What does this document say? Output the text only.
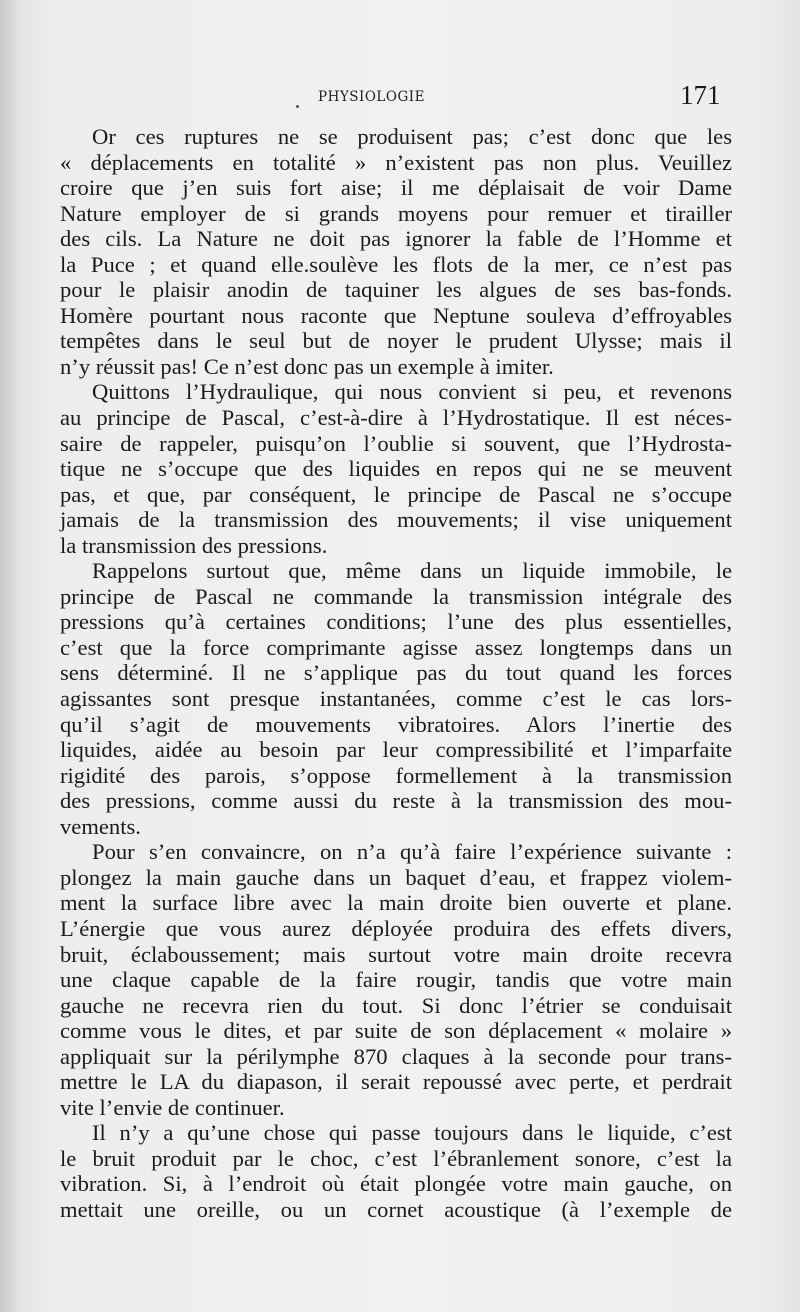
PHYSIOLOGIE	171
Or ces ruptures ne se produisent pas; c’est donc que les
« déplacements en totalité » n’existent pas non plus. Veuillez
croire que j’en suis fort aise; il me déplaisait de voir Dame
Nature employer de si grands moyens pour remuer et tirailler
des cils. La Nature ne doit pas ignorer la fable de l’Homme et
la Puce ; et quand elle.soulève les flots de la mer, ce n’est pas
pour le plaisir anodin de taquiner les algues de ses bas-fonds.
Homère pourtant nous raconte que Neptune souleva d’effroyables
tempêtes dans le seul but de noyer le prudent Ulysse; mais il
n’y réussit pas! Ce n’est donc pas un exemple à imiter.
Quittons l’Hydraulique, qui nous convient si peu, et revenons
au principe de Pascal, c’est-à-dire à l’Hydrostatique. Il est néces-
saire de rappeler, puisqu’on l’oublie si souvent, que l’Hydrosta-
tique ne s’occupe que des liquides en repos qui ne se meuvent
pas, et que, par conséquent, le principe de Pascal ne s’occupe
jamais de la transmission des mouvements; il vise uniquement
la transmission des pressions.
Rappelons surtout que, même dans un liquide immobile, le
principe de Pascal ne commande la transmission intégrale des
pressions qu’à certaines conditions; l’une des plus essentielles,
c’est que la force comprimante agisse assez longtemps dans un
sens déterminé. Il ne s’applique pas du tout quand les forces
agissantes sont presque instantanées, comme c’est le cas lors-
qu’il s’agit de mouvements vibratoires. Alors l’inertie des
liquides, aidée au besoin par leur compressibilité et l’imparfaite
rigidité des parois, s’oppose formellement à la transmission
des pressions, comme aussi du reste à la transmission des mou-
vements.
Pour s’en convaincre, on n’a qu’à faire l’expérience suivante :
plongez la main gauche dans un baquet d’eau, et frappez violem-
ment la surface libre avec la main droite bien ouverte et plane.
L’énergie que vous aurez déployée produira des effets divers,
bruit, éclaboussement; mais surtout votre main droite recevra
une claque capable de la faire rougir, tandis que votre main
gauche ne recevra rien du tout. Si donc l’étrier se conduisait
comme vous le dites, et par suite de son déplacement « molaire »
appliquait sur la périlymphe 870 claques à la seconde pour trans-
mettre le LA du diapason, il serait repoussé avec perte, et perdrait
vite l’envie de continuer.
Il n’y a qu’une chose qui passe toujours dans le liquide, c’est
le bruit produit par le choc, c’est l’ébranlement sonore, c’est la
vibration. Si, à l’endroit où était plongée votre main gauche, on
mettait une oreille, ou un cornet acoustique (à l’exemple de
